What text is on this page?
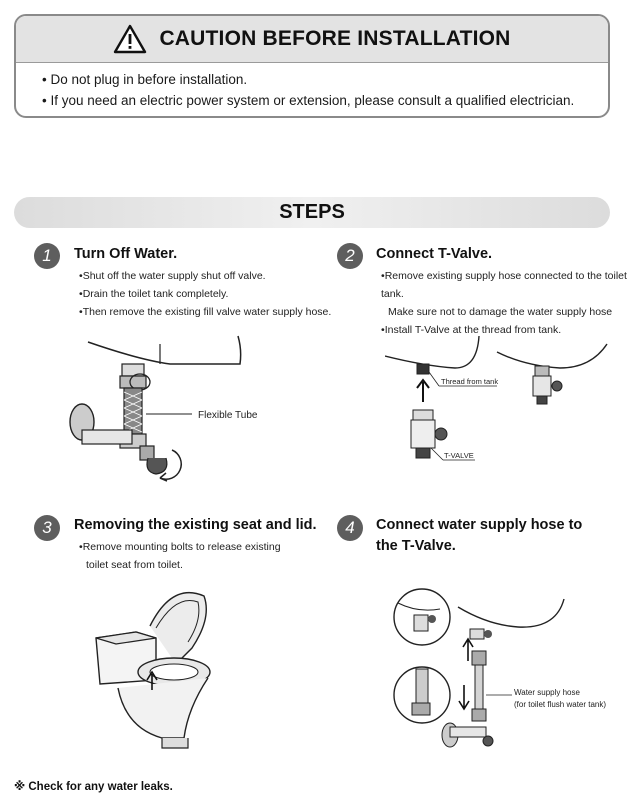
CAUTION BEFORE INSTALLATION
• Do not plug in before installation.
• If you need an electric power system or extension, please consult a qualified electrician.
STEPS
1	Turn Off Water.
• Shut off the water supply shut off valve.
• Drain the toilet tank completely.
• Then remove the existing fill valve water supply hose.
Flexible Tube
2	Connect T-Valve.
• Remove existing supply hose connected to the toilet tank.
Make sure not to damage the water supply hose
• Install T-Valve at the thread from tank.
Thread from tank
T-VALVE
3	Removing the existing seat and lid.
• Remove mounting bolts to release existing
toilet seat from toilet.
4	Connect water supply hose to
the T-Valve.
Water supply hose
(for toilet flush water tank)
※ Check for any water leaks.
